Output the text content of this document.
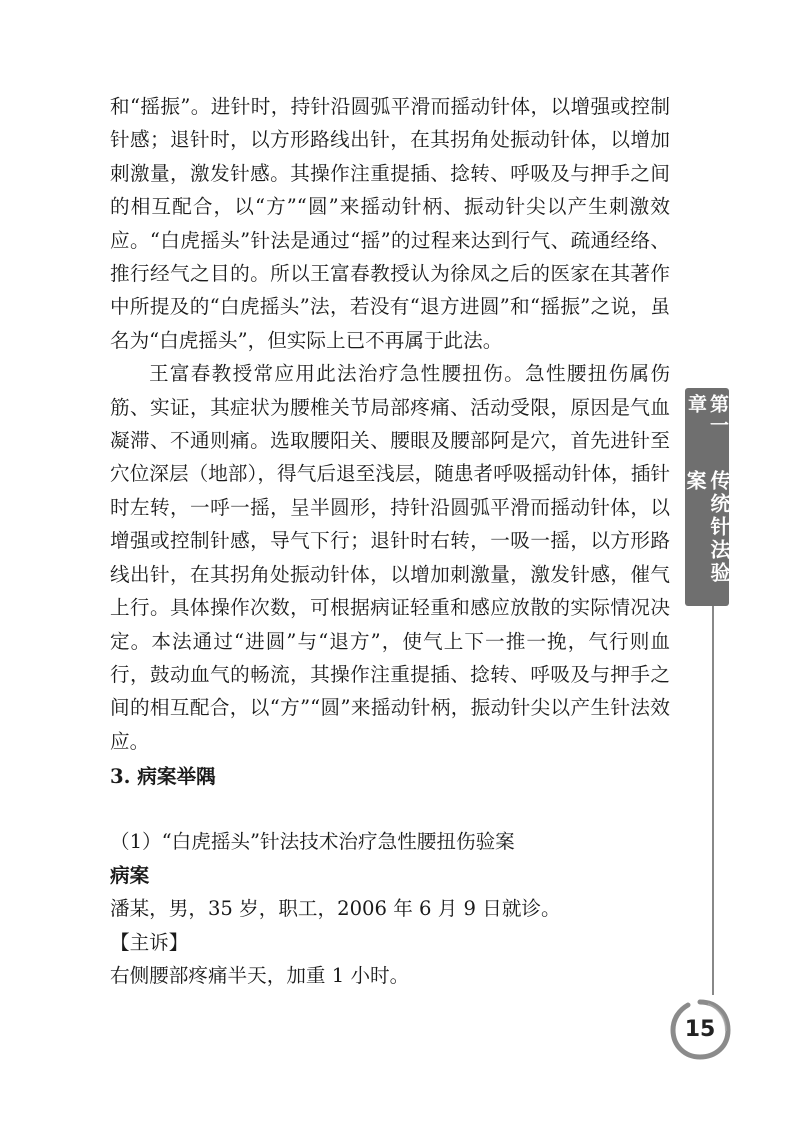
和“摇振”。进针时，持针沿圆弧平滑而摇动针体，以增强或控制针感；退针时，以方形路线出针，在其拐角处振动针体，以增加刺激量，激发针感。其操作注重提插、捻转、呼吸及与押手之间的相互配合，以“方”“圆”来摇动针柄、振动针尖以产生刺激效应。“白虎摇头”针法是通过“摇”的过程来达到行气、疏通经络、推行经气之目的。所以王富春教授认为徐凤之后的医家在其著作中所提及的“白虎摇头”法，若没有“退方进圆”和“摇振”之说，虽名为“白虎摇头”，但实际上已不再属于此法。

王富春教授常应用此法治疗急性腰扭伤。急性腰扭伤属伤筋、实证，其症状为腰椎关节局部疼痛、活动受限，原因是气血凝滞、不通则痛。选取腰阳关、腰眼及腰部阿是穴，首先进针至穴位深层（地部），得气后退至浅层，随患者呼吸摇动针体，插针时左转，一呼一摇，呈半圆形，持针沿圆弧平滑而摇动针体，以增强或控制针感，导气下行；退针时右转，一吸一摇，以方形路线出针，在其拐角处振动针体，以增加刺激量，激发针感，催气上行。具体操作次数，可根据病证轻重和感应放散的实际情况决定。本法通过“进圆”与“退方”，使气上下一推一挽，气行则血行，鼓动血气的畅流，其操作注重提插、捻转、呼吸及与押手之间的相互配合，以“方”“圆”来摇动针柄，振动针尖以产生针法效应。

3. 病案举隅

（1）“白虎摇头”针法技术治疗急性腰扭伤验案

病案

潘某，男，35 岁，职工，2006 年 6 月 9 日就诊。

【主诉】

右侧腰部疼痛半天，加重 1 小时。

第一章
传统针法验案
15
